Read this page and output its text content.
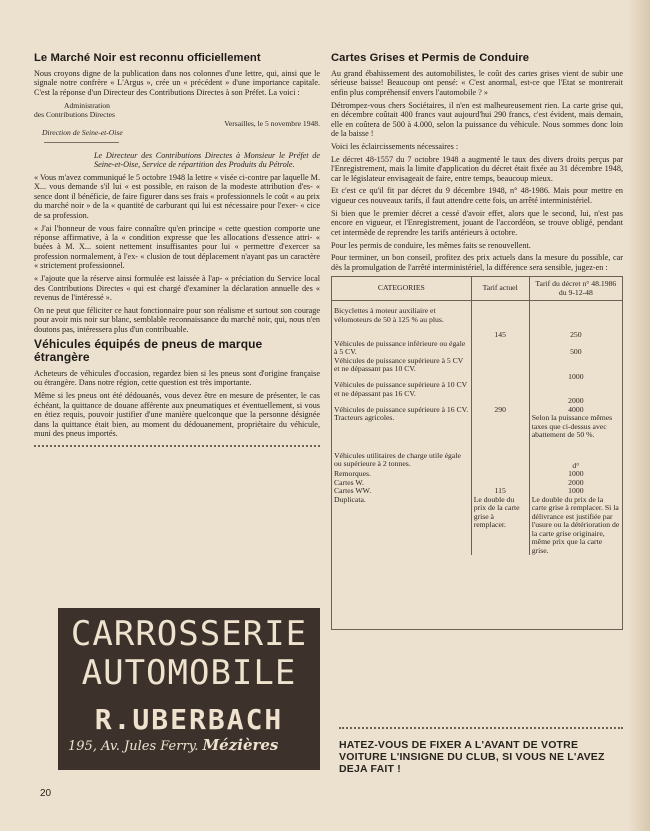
Le Marché Noir est reconnu officiellement

Nous croyons digne de la publication dans nos colonnes d'une lettre, qui, ainsi que le signale notre confrère « L'Argus », crée un « précédent » d'une importance capitale. C'est la réponse d'un Directeur des Contributions Directes à son Préfet. La voici :

Administration

des Contributions Directes

Versailles, le 5 novembre 1948.

Direction de Seine-et-Oise

Le Directeur des Contributions Directes à Monsieur le Préfet de Seine-et-Oise, Service de répartition des Produits du Pétrole.

« Vous m'avez communiqué le 5 octobre 1948 la lettre « visée ci-contre par laquelle M. X... vous demande s'il lui « est possible, en raison de la modeste attribution d'es- « sence dont il bénéficie, de faire figurer dans ses frais « professionnels le coût « au prix du marché noir » de la « quantité de carburant qui lui est nécessaire pour l'exer- « cice de sa profession.

« J'ai l'honneur de vous faire connaître qu'en principe « cette question comporte une réponse affirmative, à la « condition expresse que les allocations d'essence attri- « buées à M. X... soient nettement insuffisantes pour lui « permettre d'exercer sa profession normalement, à l'ex- « clusion de tout déplacement n'ayant pas un caractère « strictement professionnel.

« J'ajoute que la réserve ainsi formulée est laissée à l'ap- « préciation du Service local des Contributions Directes « qui est chargé d'examiner la déclaration annuelle des « revenus de l'intéressé ».

On ne peut que féliciter ce haut fonctionnaire pour son réalisme et surtout son courage pour avoir mis noir sur blanc, semblable reconnaissance du marché noir, qui, nous n'en doutons pas, intéressera plus d'un contribuable.

Véhicules équipés de pneus de marque étrangère

Acheteurs de véhicules d'occasion, regardez bien si les pneus sont d'origine française ou étrangère. Dans notre région, cette question est très importante.

Même si les pneus ont été dédouanés, vous devez être en mesure de présenter, le cas échéant, la quittance de douane afférente aux pneumatiques et éventuellement, si vous en étiez requis, pouvoir justifier d'une manière quelconque que la personne désignée dans la quittance était bien, au moment du dédouanement, propriétaire du véhicule, muni des pneus importés.

CARROSSERIE
AUTOMOBILE
R.UBERBACH
195, Av. Jules Ferry. Mézières
Cartes Grises et Permis de Conduire

Au grand ébahissement des automobilistes, le coût des cartes grises vient de subir une sérieuse baisse! Beaucoup ont pensé: « C'est anormal, est-ce que l'Etat se montrerait enfin plus compréhensif envers l'automobile ? »

Détrompez-vous chers Sociétaires, il n'en est malheureusement rien. La carte grise qui, en décembre coûtait 400 francs vaut aujourd'hui 290 francs, c'est évident, mais demain, elle en coûtera de 500 à 4.000, selon la puissance du véhicule. Nous sommes donc loin de la baisse !

Voici les éclaircissements nécessaires :

Le décret 48-1557 du 7 octobre 1948 a augmenté le taux des divers droits perçus par l'Enregistrement, mais la limite d'application du décret était fixée au 31 décembre 1948, car le législateur envisageait de faire, entre temps, beaucoup mieux.

Et c'est ce qu'il fit par décret du 9 décembre 1948, n° 48-1986. Mais pour mettre en vigueur ces nouveaux tarifs, il faut attendre cette fois, un arrêté interministériel.

Si bien que le premier décret a cessé d'avoir effet, alors que le second, lui, n'est pas encore en vigueur, et l'Enregistrement, jouant de l'accordéon, se trouve obligé, pendant cet intermède de reprendre les tarifs antérieurs à octobre.

Pour les permis de conduire, les mêmes faits se renouvellent.

Pour terminer, un bon conseil, profitez des prix actuels dans la mesure du possible, car dès la promulgation de l'arrêté interministériel, la différence sera sensible, jugez-en :

CATEGORIES	Tarif actuel	Tarif du décret n° 48.1986 du 9-12-48
Bicyclettes à moteur auxiliaire et vélomoteurs de 50 à 125 % au plus.	145	250
Véhicules de puissance inférieure ou égale à 5 CV.		500
Véhicules de puissance supérieure à 5 CV et ne dépassant pas 10 CV.		1000
Véhicules de puissance supérieure à 10 CV et ne dépassant pas 16 CV.		2000
Véhicules de puissance supérieure à 16 CV.	290	4000
Tracteurs agricoles.		Selon la puissance mêmes taxes que ci-dessus avec abattement de 50 %.
Véhicules utilitaires de charge utile égale ou supérieure à 2 tonnes.		d°
Remorques.		1000
Cartes W.		2000
Cartes WW.	115	1000
Duplicata.	Le double du prix de la carte grise à remplacer.	Le double du prix de la carte grise à remplacer. Si la délivrance est justifiée par l'usure ou la détérioration de la carte grise originaire, même prix que la carte grise.
HATEZ-VOUS DE FIXER A L'AVANT DE VOTRE VOITURE L'INSIGNE DU CLUB, SI VOUS NE L'AVEZ DEJA FAIT !
20
